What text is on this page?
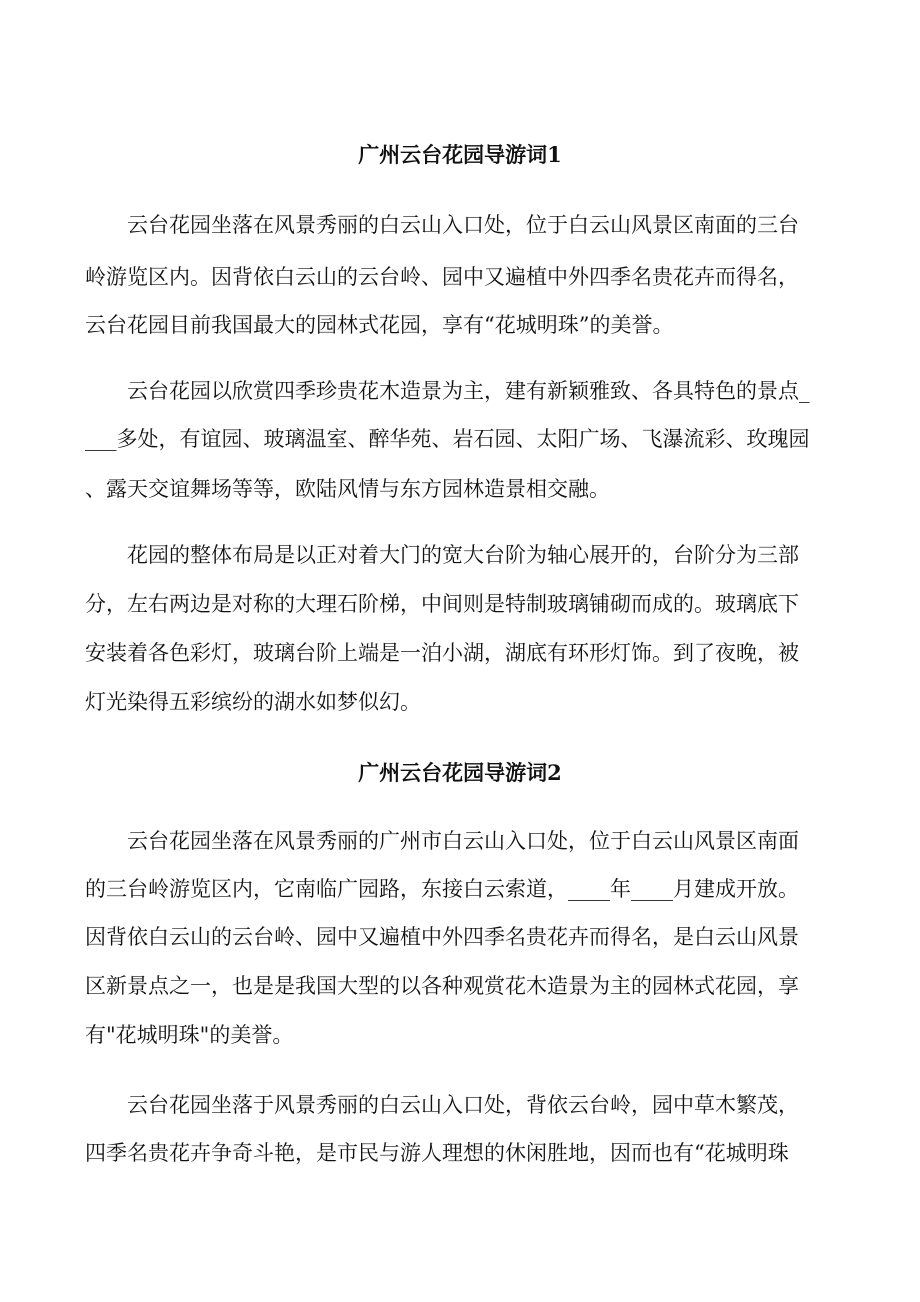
广州云台花园导游词1
云台花园坐落在风景秀丽的白云山入口处，位于白云山风景区南面的三台
岭游览区内。因背依白云山的云台岭、园中又遍植中外四季名贵花卉而得名，
云台花园目前我国最大的园林式花园，享有“花城明珠”的美誉。
云台花园以欣赏四季珍贵花木造景为主，建有新颖雅致、各具特色的景点_
___多处，有谊园、玻璃温室、醉华苑、岩石园、太阳广场、飞瀑流彩、玫瑰园
、露天交谊舞场等等，欧陆风情与东方园林造景相交融。
花园的整体布局是以正对着大门的宽大台阶为轴心展开的，台阶分为三部
分，左右两边是对称的大理石阶梯，中间则是特制玻璃铺砌而成的。玻璃底下
安装着各色彩灯，玻璃台阶上端是一泊小湖，湖底有环形灯饰。到了夜晚，被
灯光染得五彩缤纷的湖水如梦似幻。
广州云台花园导游词2
云台花园坐落在风景秀丽的广州市白云山入口处，位于白云山风景区南面
的三台岭游览区内，它南临广园路，东接白云索道，____年____月建成开放。
因背依白云山的云台岭、园中又遍植中外四季名贵花卉而得名，是白云山风景
区新景点之一，也是是我国大型的以各种观赏花木造景为主的园林式花园，享
有"花城明珠"的美誉。
云台花园坐落于风景秀丽的白云山入口处，背依云台岭，园中草木繁茂，
四季名贵花卉争奇斗艳，是市民与游人理想的休闲胜地，因而也有“花城明珠
